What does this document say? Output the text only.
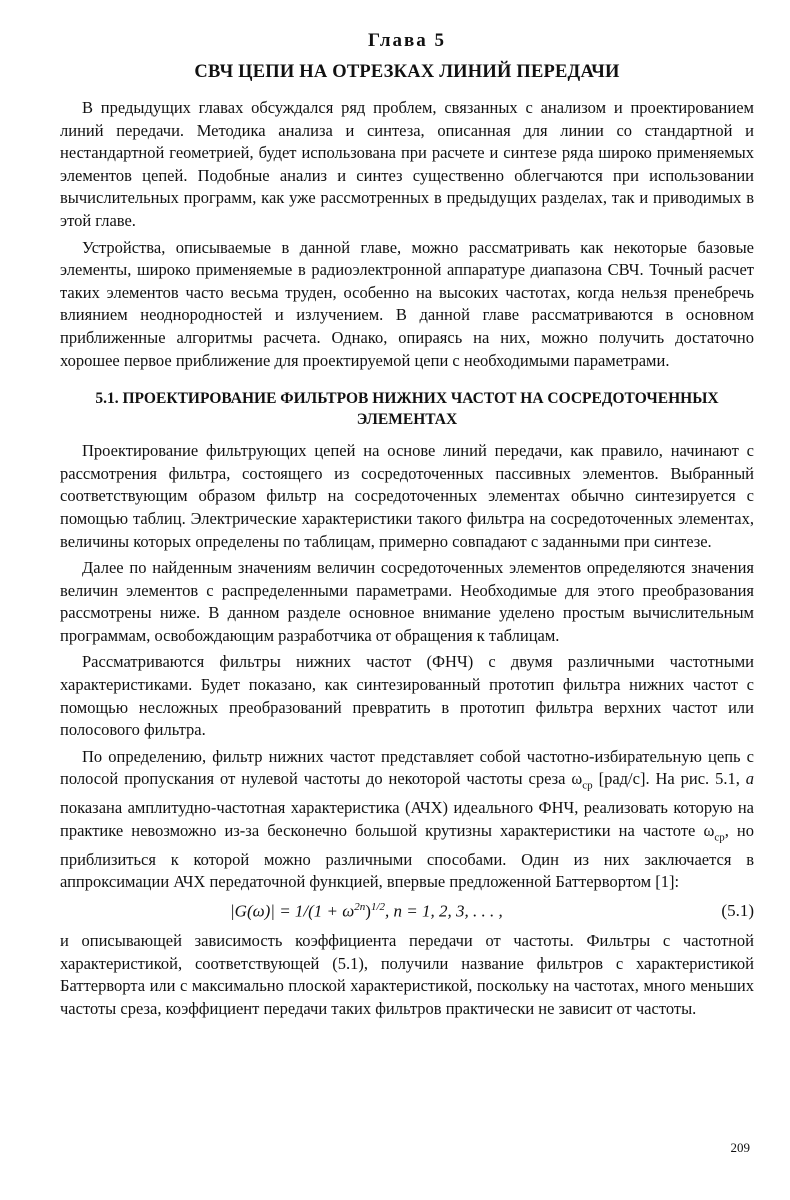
Глава 5
СВЧ ЦЕПИ НА ОТРЕЗКАХ ЛИНИЙ ПЕРЕДАЧИ

В предыдущих главах обсуждался ряд проблем, связанных с анализом и проектированием линий передачи. Методика анализа и синтеза, описанная для линии со стандартной и нестандартной геометрией, будет использована при расчете и синтезе ряда широко применяемых элементов цепей. Подобные анализ и синтез существенно облегчаются при использовании вычислительных программ, как уже рассмотренных в предыдущих разделах, так и приводимых в этой главе.

Устройства, описываемые в данной главе, можно рассматривать как некоторые базовые элементы, широко применяемые в радиоэлектронной аппаратуре диапазона СВЧ. Точный расчет таких элементов часто весьма труден, особенно на высоких частотах, когда нельзя пренебречь влиянием неоднородностей и излучением. В данной главе рассматриваются в основном приближенные алгоритмы расчета. Однако, опираясь на них, можно получить достаточно хорошее первое приближение для проектируемой цепи с необходимыми параметрами.

5.1. ПРОЕКТИРОВАНИЕ ФИЛЬТРОВ НИЖНИХ ЧАСТОТ НА СОСРЕДОТОЧЕННЫХ ЭЛЕМЕНТАХ

Проектирование фильтрующих цепей на основе линий передачи, как правило, начинают с рассмотрения фильтра, состоящего из сосредоточенных пассивных элементов. Выбранный соответствующим образом фильтр на сосредоточенных элементах обычно синтезируется с помощью таблиц. Электрические характеристики такого фильтра на сосредоточенных элементах, величины которых определены по таблицам, примерно совпадают с заданными при синтезе.

Далее по найденным значениям величин сосредоточенных элементов определяются значения величин элементов с распределенными параметрами. Необходимые для этого преобразования рассмотрены ниже. В данном разделе основное внимание уделено простым вычислительным программам, освобождающим разработчика от обращения к таблицам.

Рассматриваются фильтры нижних частот (ФНЧ) с двумя различными частотными характеристиками. Будет показано, как синтезированный прототип фильтра нижних частот с помощью несложных преобразований превратить в прототип фильтра верхних частот или полосового фильтра.

По определению, фильтр нижних частот представляет собой частотно-избирательную цепь с полосой пропускания от нулевой частоты до некоторой частоты среза $\omega_{ср}$ [рад/с]. На рис. 5.1, а показана амплитудно-частотная характеристика (АЧХ) идеального ФНЧ, реализовать которую на практике невозможно из-за бесконечно большой крутизны характеристики на частоте $\omega_{ср}$, но приблизиться к которой можно различными способами. Один из них заключается в аппроксимации АЧХ передаточной функцией, впервые предложенной Баттервортом [1]:

$|G(\omega)| = 1/(1 + \omega^{2n})^{1/2}$, n = 1, 2, 3, . . . ,	(5.1)

и описывающей зависимость коэффициента передачи от частоты. Фильтры с частотной характеристикой, соответствующей (5.1), получили название фильтров с характеристикой Баттерворта или с максимально плоской характеристикой, поскольку на частотах, много меньших частоты среза, коэффициент передачи таких фильтров практически не зависит от частоты.

209
